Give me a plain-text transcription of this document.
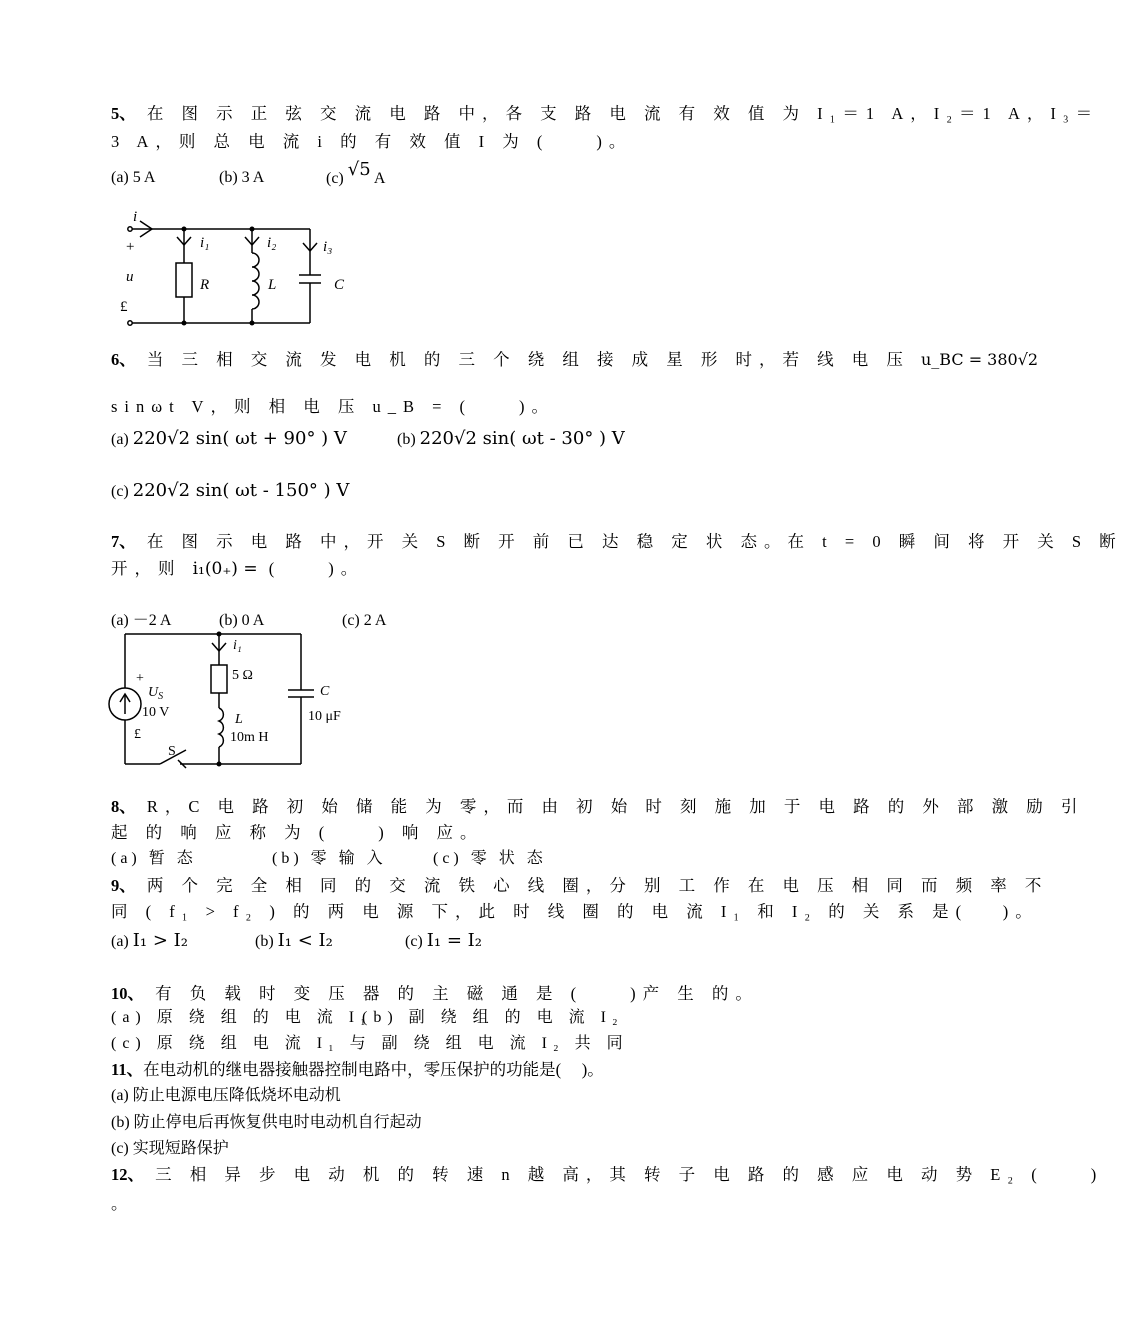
5、 在 图 示 正 弦 交 流 电 路 中，各 支 路 电 流 有 效 值 为 I₁＝1 A，I₂＝1 A，I₃＝
3 A，则 总 电 流 i 的 有 效 值 I 为 (　　)。
(a) 5 A	(b) 3 A	(c) √5 A
i
+
u
£
i₁
R
i₂
L
i₃
C
6、 当 三 相 交 流 发 电 机 的 三 个 绕 组 接 成 星 形 时，若 线 电 压 u_BC = 380√2
sinωt V，则 相 电 压 u_B = (　　)。
(a) 220√2 sin( ωt + 90° ) V	(b) 220√2 sin( ωt - 30° ) V
(c) 220√2 sin( ωt - 150° ) V
7、 在 图 示 电 路 中，开 关 S 断 开 前 已 达 稳 定 状 态。在 t = 0 瞬 间 将 开 关 S 断
开，则 i₁(0₊) = (　　)。
(a) －2 A	(b) 0 A	(c) 2 A
i₁
5 Ω
+
$U_S$
10 V
£
L
10m H
S
C
10 μF
8、 R，C 电 路 初 始 储 能 为 零，而 由 初 始 时 刻 施 加 于 电 路 的 外 部 激 励 引
起 的 响 应 称 为 (　　) 响 应。
(a) 暂 态	(b) 零 输 入	(c) 零 状 态
9、 两 个 完 全 相 同 的 交 流 铁 心 线 圈，分 别 工 作 在 电 压 相 同 而 频 率 不
同 ( f₁ > f₂ ) 的 两 电 源 下，此 时 线 圈 的 电 流 I₁ 和 I₂ 的 关 系 是(　 )。
(a) I₁ > I₂	(b) I₁ < I₂	(c) I₁ = I₂
10、 有 负 载 时 变 压 器 的 主 磁 通 是 (　　)产 生 的。
(a) 原 绕 组 的 电 流 I₁
(b) 副 绕 组 的 电 流 I₂
(c) 原 绕 组 电 流 I₁ 与 副 绕 组 电 流 I₂ 共 同
11、在电动机的继电器接触器控制电路中，零压保护的功能是(　 )。
(a) 防止电源电压降低烧坏电动机
(b) 防止停电后再恢复供电时电动机自行起动
(c) 实现短路保护
12、 三 相 异 步 电 动 机 的 转 速 n 越 高，其 转 子 电 路 的 感 应 电 动 势 E₂ (　　)
。
